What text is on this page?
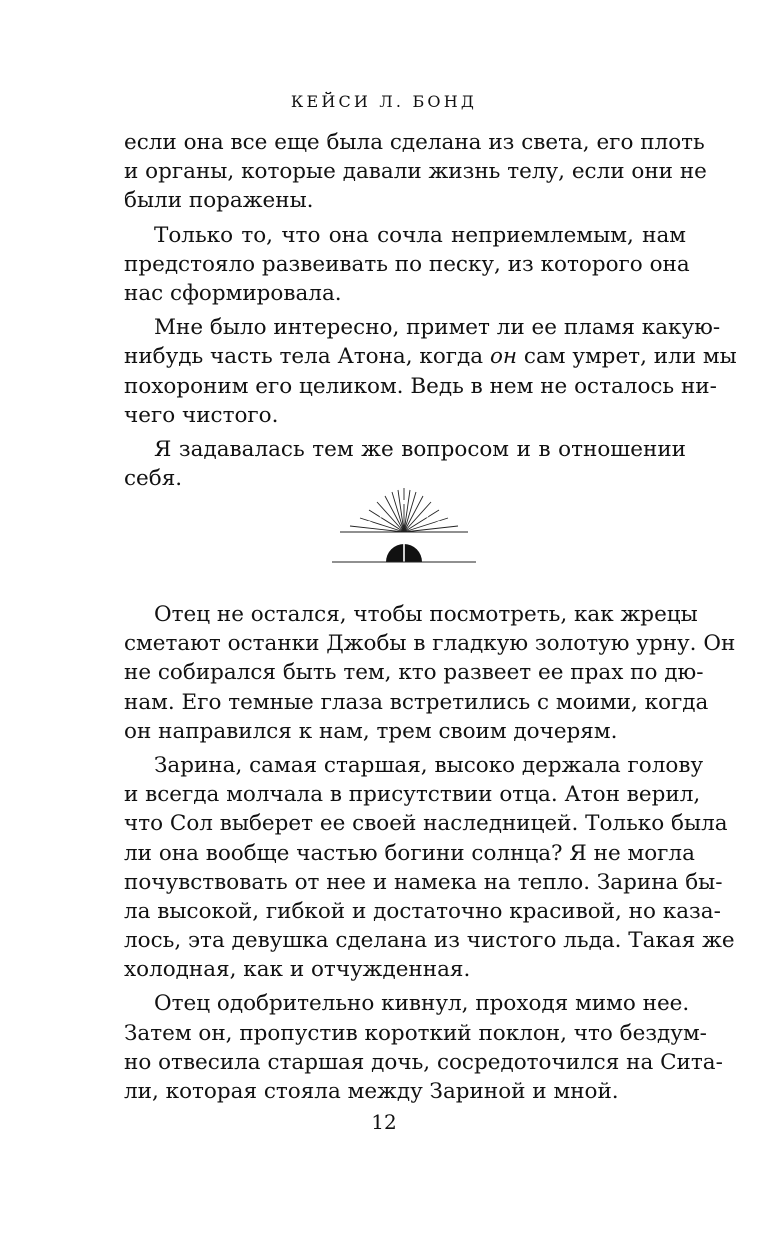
КЕЙСИ Л. БОНД
если она все еще была сделана из света, его плоть
и органы, которые давали жизнь телу, если они не
были поражены.
Только то, что она сочла неприемлемым, нам
предстояло развеивать по песку, из которого она
нас сформировала.
Мне было интересно, примет ли ее пламя какую-
нибудь часть тела Атона, когда он сам умрет, или мы
похороним его целиком. Ведь в нем не осталось ни-
чего чистого.
Я задавалась тем же вопросом и в отношении
себя.
Отец не остался, чтобы посмотреть, как жрецы
сметают останки Джобы в гладкую золотую урну. Он
не собирался быть тем, кто развеет ее прах по дю-
нам. Его темные глаза встретились с моими, когда
он направился к нам, трем своим дочерям.
Зарина, самая старшая, высоко держала голову
и всегда молчала в присутствии отца. Атон верил,
что Сол выберет ее своей наследницей. Только была
ли она вообще частью богини солнца? Я не могла
почувствовать от нее и намека на тепло. Зарина бы-
ла высокой, гибкой и достаточно красивой, но каза-
лось, эта девушка сделана из чистого льда. Такая же
холодная, как и отчужденная.
Отец одобрительно кивнул, проходя мимо нее.
Затем он, пропустив короткий поклон, что бездум-
но отвесила старшая дочь, сосредоточился на Сита-
ли, которая стояла между Зариной и мной.
12
